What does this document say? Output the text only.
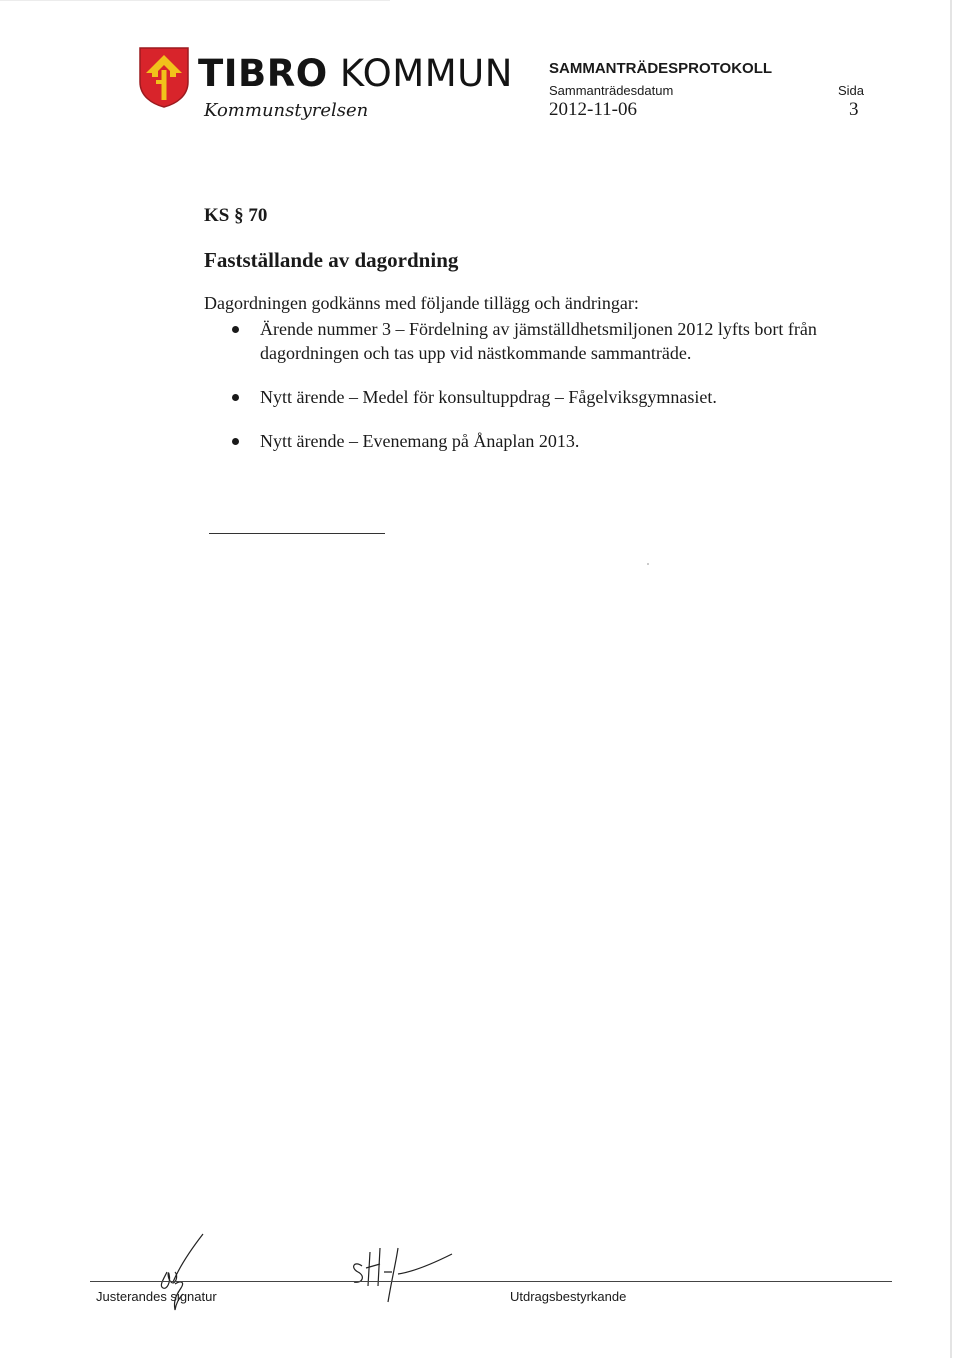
TIBRO KOMMUN
Kommunstyrelsen
SAMMANTRÄDESPROTOKOLL
Sammanträdesdatum
2012-11-06
Sida
3
KS § 70
Fastställande av dagordning
Dagordningen godkänns med följande tillägg och ändringar:
Ärende nummer 3 – Fördelning av jämställdhetsmiljonen 2012 lyfts bort från dagordningen och tas upp vid nästkommande sammanträde.
Nytt ärende – Medel för konsultuppdrag – Fågelviksgymnasiet.
Nytt ärende – Evenemang på Ånaplan 2013.
Justerandes signatur	Utdragsbestyrkande
